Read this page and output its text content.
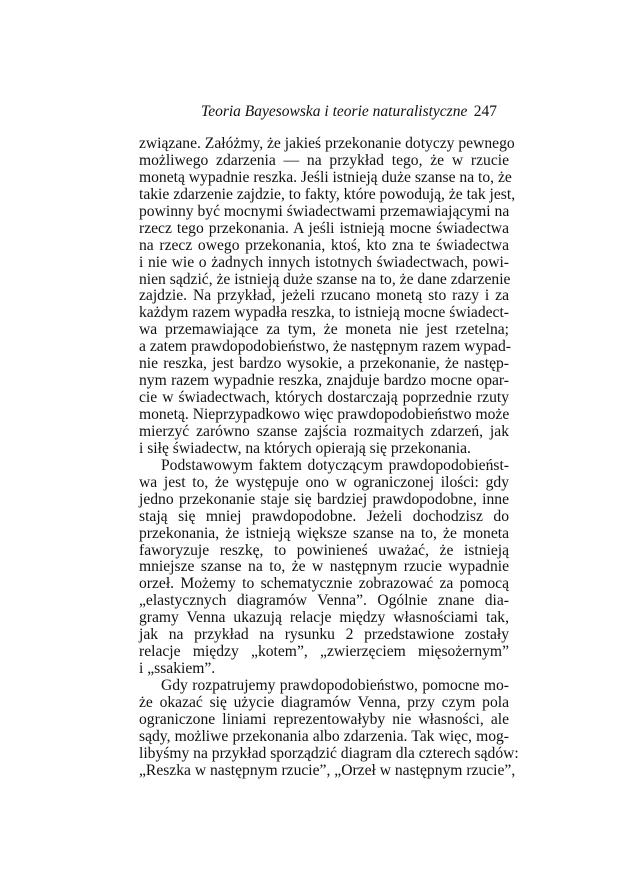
Teoria Bayesowska i teorie naturalistyczne 247
związane. Załóżmy, że jakieś przekonanie dotyczy pewnego
możliwego zdarzenia — na przykład tego, że w rzucie
monetą wypadnie reszka. Jeśli istnieją duże szanse na to, że
takie zdarzenie zajdzie, to fakty, które powodują, że tak jest,
powinny być mocnymi świadectwami przemawiającymi na
rzecz tego przekonania. A jeśli istnieją mocne świadectwa
na rzecz owego przekonania, ktoś, kto zna te świadectwa
i nie wie o żadnych innych istotnych świadectwach, powi-
nien sądzić, że istnieją duże szanse na to, że dane zdarzenie
zajdzie. Na przykład, jeżeli rzucano monetą sto razy i za
każdym razem wypadła reszka, to istnieją mocne świadect-
wa przemawiające za tym, że moneta nie jest rzetelna;
a zatem prawdopodobieństwo, że następnym razem wypad-
nie reszka, jest bardzo wysokie, a przekonanie, że następ-
nym razem wypadnie reszka, znajduje bardzo mocne opar-
cie w świadectwach, których dostarczają poprzednie rzuty
monetą. Nieprzypadkowo więc prawdopodobieństwo może
mierzyć zarówno szanse zajścia rozmaitych zdarzeń, jak
i siłę świadectw, na których opierają się przekonania.
Podstawowym faktem dotyczącym prawdopodobieńst-
wa jest to, że występuje ono w ograniczonej ilości: gdy
jedno przekonanie staje się bardziej prawdopodobne, inne
stają się mniej prawdopodobne. Jeżeli dochodzisz do
przekonania, że istnieją większe szanse na to, że moneta
faworyzuje reszkę, to powinieneś uważać, że istnieją
mniejsze szanse na to, że w następnym rzucie wypadnie
orzeł. Możemy to schematycznie zobrazować za pomocą
„elastycznych diagramów Venna”. Ogólnie znane dia-
gramy Venna ukazują relacje między własnościami tak,
jak na przykład na rysunku 2 przedstawione zostały
relacje między „kotem”, „zwierzęciem mięsożernym”
i „ssakiem”.
Gdy rozpatrujemy prawdopodobieństwo, pomocne mo-
że okazać się użycie diagramów Venna, przy czym pola
ograniczone liniami reprezentowałyby nie własności, ale
sądy, możliwe przekonania albo zdarzenia. Tak więc, mog-
libyśmy na przykład sporządzić diagram dla czterech sądów:
„Reszka w następnym rzucie”, „Orzeł w następnym rzucie”,
